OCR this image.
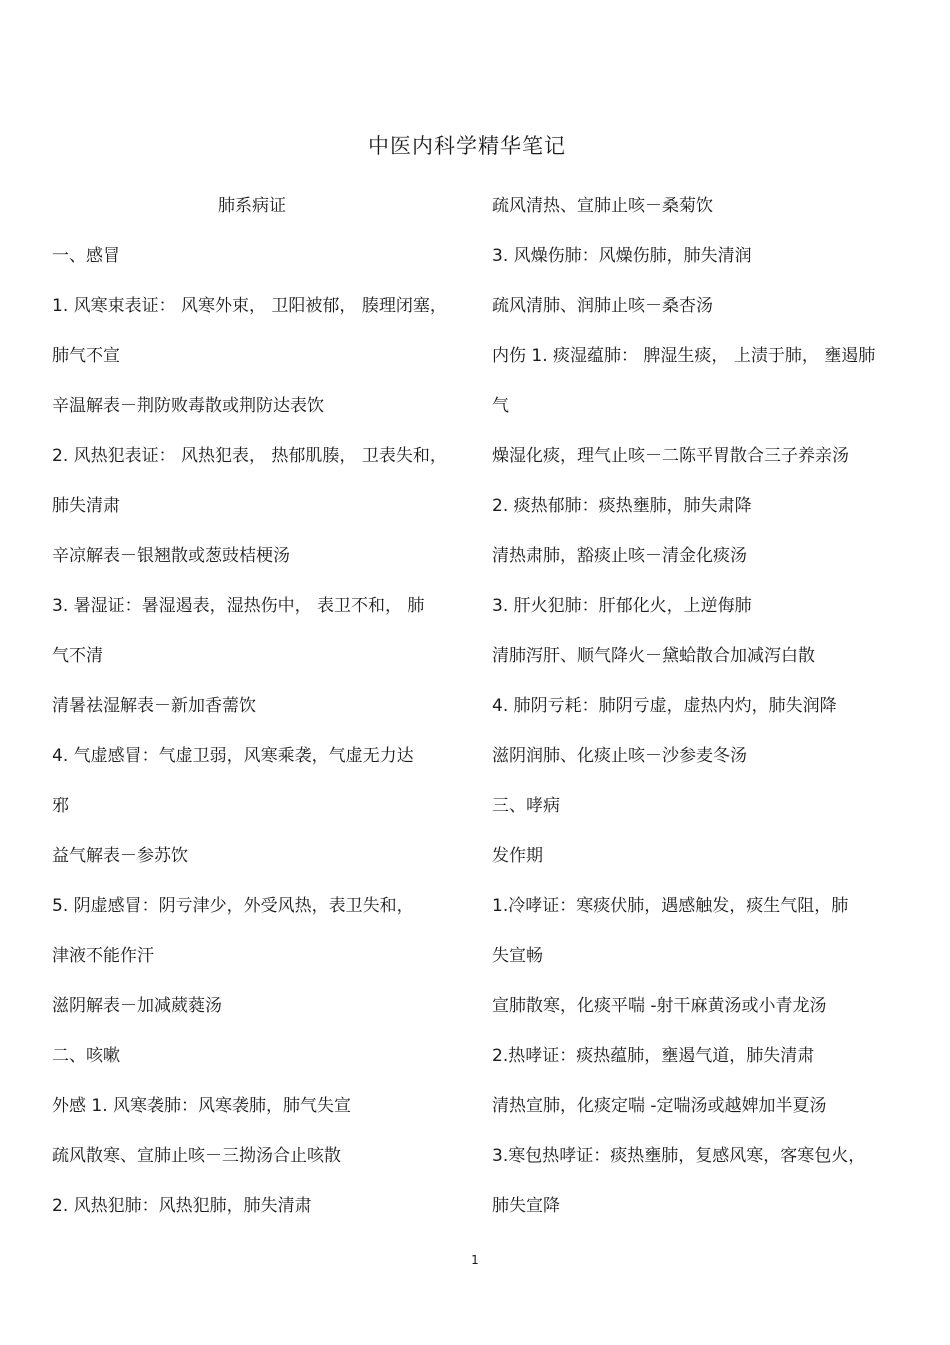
中医内科学精华笔记
肺系病证
一、感冒
1. 风寒束表证： 风寒外束， 卫阳被郁， 腠理闭塞，
肺气不宣
辛温解表－荆防败毒散或荆防达表饮
2. 风热犯表证： 风热犯表， 热郁肌腠， 卫表失和，
肺失清肃
辛凉解表－银翘散或葱豉桔梗汤
3. 暑湿证：暑湿遏表，湿热伤中， 表卫不和， 肺
气不清
清暑祛湿解表－新加香薷饮
4. 气虚感冒：气虚卫弱，风寒乘袭，气虚无力达
邪
益气解表－参苏饮
5. 阴虚感冒：阴亏津少，外受风热，表卫失和，
津液不能作汗
滋阴解表－加减葳蕤汤
二、咳嗽
外感 1. 风寒袭肺：风寒袭肺，肺气失宣
疏风散寒、宣肺止咳－三拗汤合止咳散
2. 风热犯肺：风热犯肺，肺失清肃
疏风清热、宣肺止咳－桑菊饮
3. 风燥伤肺：风燥伤肺，肺失清润
疏风清肺、润肺止咳－桑杏汤
内伤 1. 痰湿蕴肺： 脾湿生痰， 上渍于肺， 壅遏肺
气
燥湿化痰，理气止咳－二陈平胃散合三子养亲汤
2. 痰热郁肺：痰热壅肺，肺失肃降
清热肃肺，豁痰止咳－清金化痰汤
3. 肝火犯肺：肝郁化火，上逆侮肺
清肺泻肝、顺气降火－黛蛤散合加减泻白散
4. 肺阴亏耗：肺阴亏虚，虚热内灼，肺失润降
滋阴润肺、化痰止咳－沙参麦冬汤
三、哮病
发作期
1.冷哮证：寒痰伏肺，遇感触发，痰生气阻，肺
失宣畅
宣肺散寒，化痰平喘 -射干麻黄汤或小青龙汤
2.热哮证：痰热蕴肺，壅遏气道，肺失清肃
清热宣肺，化痰定喘 -定喘汤或越婢加半夏汤
3.寒包热哮证：痰热壅肺，复感风寒，客寒包火，
肺失宣降
1
